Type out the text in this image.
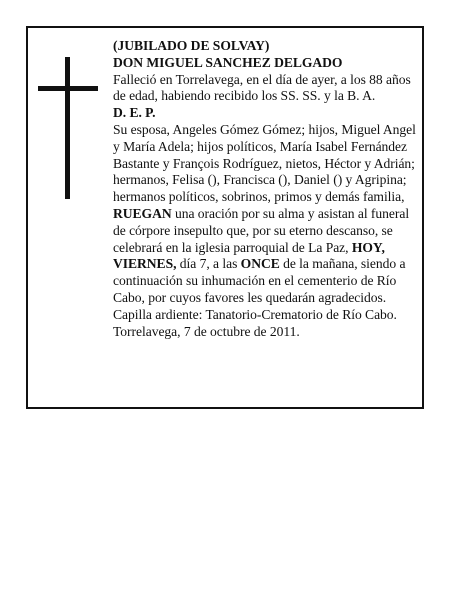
(JUBILADO DE SOLVAY)

DON MIGUEL SANCHEZ DELGADO

Falleció en Torrelavega, en el día de ayer, a los 88 años de edad, habiendo recibido los SS. SS. y la B. A.

D. E. P.

Su esposa, Angeles Gómez Gómez; hijos, Miguel Angel y María Adela; hijos políticos, María Isabel Fernández Bastante y François Rodríguez, nietos, Héctor y Adrián; hermanos, Felisa (), Francisca (), Daniel () y Agripina; hermanos políticos, sobrinos, primos y demás familia,

RUEGAN una oración por su alma y asistan al funeral de córpore insepulto que, por su eterno descanso, se celebrará en la iglesia parroquial de La Paz, HOY, VIERNES, día 7, a las ONCE de la mañana, siendo a continuación su inhumación en el cementerio de Río Cabo, por cuyos favores les quedarán agradecidos.

Capilla ardiente: Tanatorio-Crematorio de Río Cabo.

Torrelavega, 7 de octubre de 2011.
